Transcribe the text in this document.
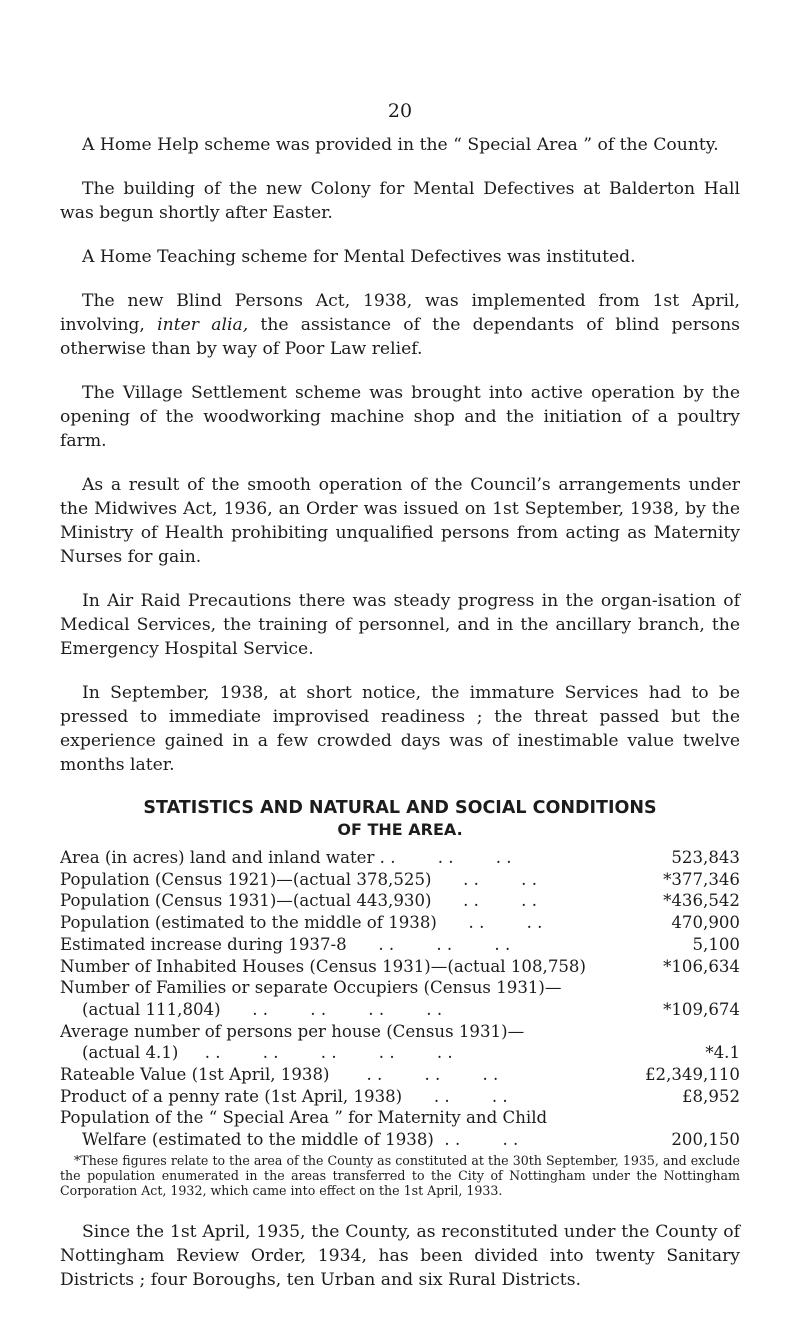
20

A Home Help scheme was provided in the “ Special Area ” of the County.

The building of the new Colony for Mental Defectives at Balderton Hall was begun shortly after Easter.

A Home Teaching scheme for Mental Defectives was instituted.

The new Blind Persons Act, 1938, was implemented from 1st April, involving, inter alia, the assistance of the dependants of blind persons otherwise than by way of Poor Law relief.

The Village Settlement scheme was brought into active operation by the opening of the woodworking machine shop and the initiation of a poultry farm.

As a result of the smooth operation of the Council’s arrangements under the Midwives Act, 1936, an Order was issued on 1st September, 1938, by the Ministry of Health prohibiting unqualified persons from acting as Maternity Nurses for gain.

In Air Raid Precautions there was steady progress in the organ-isation of Medical Services, the training of personnel, and in the ancillary branch, the Emergency Hospital Service.

In September, 1938, at short notice, the immature Services had to be pressed to immediate improvised readiness ; the threat passed but the experience gained in a few crowded days was of inestimable value twelve months later.

STATISTICS AND NATURAL AND SOCIAL CONDITIONS
OF THE AREA.
Area (in acres) land and inland water . .        . .        . .	523,843
Population (Census 1921)—(actual 378,525)      . .        . .	*377,346
Population (Census 1931)—(actual 443,930)      . .        . .	*436,542
Population (estimated to the middle of 1938)      . .        . .	470,900
Estimated increase during 1937-8      . .        . .        . .	5,100
Number of Inhabited Houses (Census 1931)—(actual 108,758)	*106,634
Number of Families or separate Occupiers (Census 1931)—
(actual 111,804)      . .        . .        . .        . .	*109,674
Average number of persons per house (Census 1931)—
(actual 4.1)     . .        . .        . .        . .        . .	*4.1
Rateable Value (1st April, 1938)       . .        . .        . .	£2,349,110
Product of a penny rate (1st April, 1938)      . .        . .	£8,952
Population of the “ Special Area ” for Maternity and Child
Welfare (estimated to the middle of 1938)  . .        . .	200,150

*These figures relate to the area of the County as constituted at the 30th September, 1935, and exclude the population enumerated in the areas transferred to the City of Nottingham under the Nottingham Corporation Act, 1932, which came into effect on the 1st April, 1933.

Since the 1st April, 1935, the County, as reconstituted under the County of Nottingham Review Order, 1934, has been divided into twenty Sanitary Districts ; four Boroughs, ten Urban and six Rural Districts.
